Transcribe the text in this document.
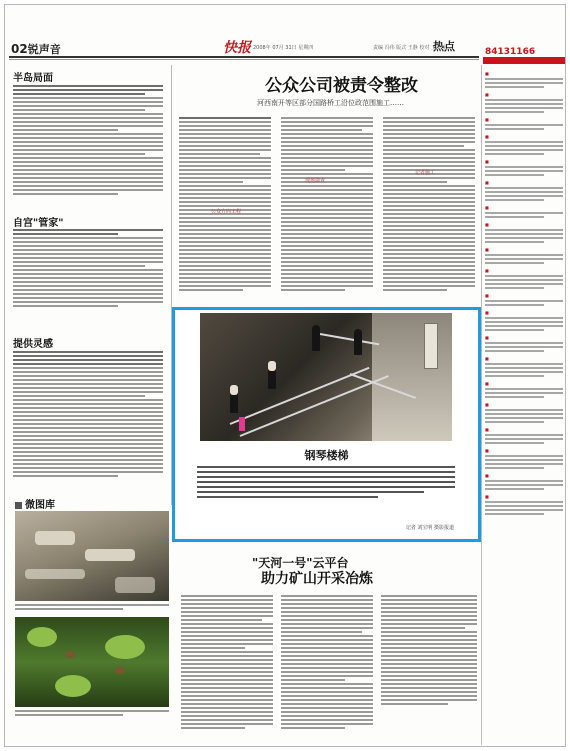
02锐声音	快报 2008年 07月 31日 星期四	责编 冯伟 版式 王静 校对 王玉萍
热点
半岛局面
自宫"管家"
提供灵感
微图库
公众公司被责令整改
河西南开等区部分国路桥工沿位政范围施工……
公众方向工程
现场调查
记者施工
钢琴楼梯
记者 刘宝明 摄影报道
"天河一号"云平台
助力矿山开采冶炼
84131166
■
■
■
■
■
■
■
■
■
■
■
■
■
■
■
■
■
■
■
■
